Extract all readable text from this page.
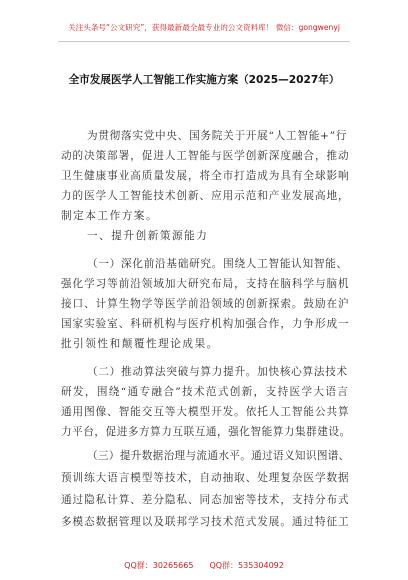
关注头条号“公文研究”，获得最新最全最专业的公文资料库！ 微信：gongwenyj
全市发展医学人工智能工作实施方案（2025—2027年）
为贯彻落实党中央、国务院关于开展“人工智能+”行
动的决策部署，促进人工智能与医学创新深度融合，推动
卫生健康事业高质量发展，将全市打造成为具有全球影响
力的医学人工智能技术创新、应用示范和产业发展高地，
制定本工作方案。
一、提升创新策源能力
（一）深化前沿基础研究。围绕人工智能认知智能、
强化学习等前沿领域加大研究布局，支持在脑科学与脑机
接口、计算生物学等医学前沿领域的创新探索。鼓励在沪
国家实验室、科研机构与医疗机构加强合作，力争形成一
批引领性和颠覆性理论成果。
（二）推动算法突破与算力提升。加快核心算法技术
研发，围绕“通专融合”技术范式创新，支持医学大语言
通用图像、智能交互等大模型开发。依托人工智能公共算
力平台，促进多方算力互联互通，强化智能算力集群建设。
（三）提升数据治理与流通水平。通过语义知识图谱、
预训练大语言模型等技术，自动抽取、处理复杂医学数据
通过隐私计算、差分隐私、同态加密等技术，支持分布式
多模态数据管理以及联邦学习技术范式发展。通过特征工
QQ群：30265665　　QQ群：535304092
